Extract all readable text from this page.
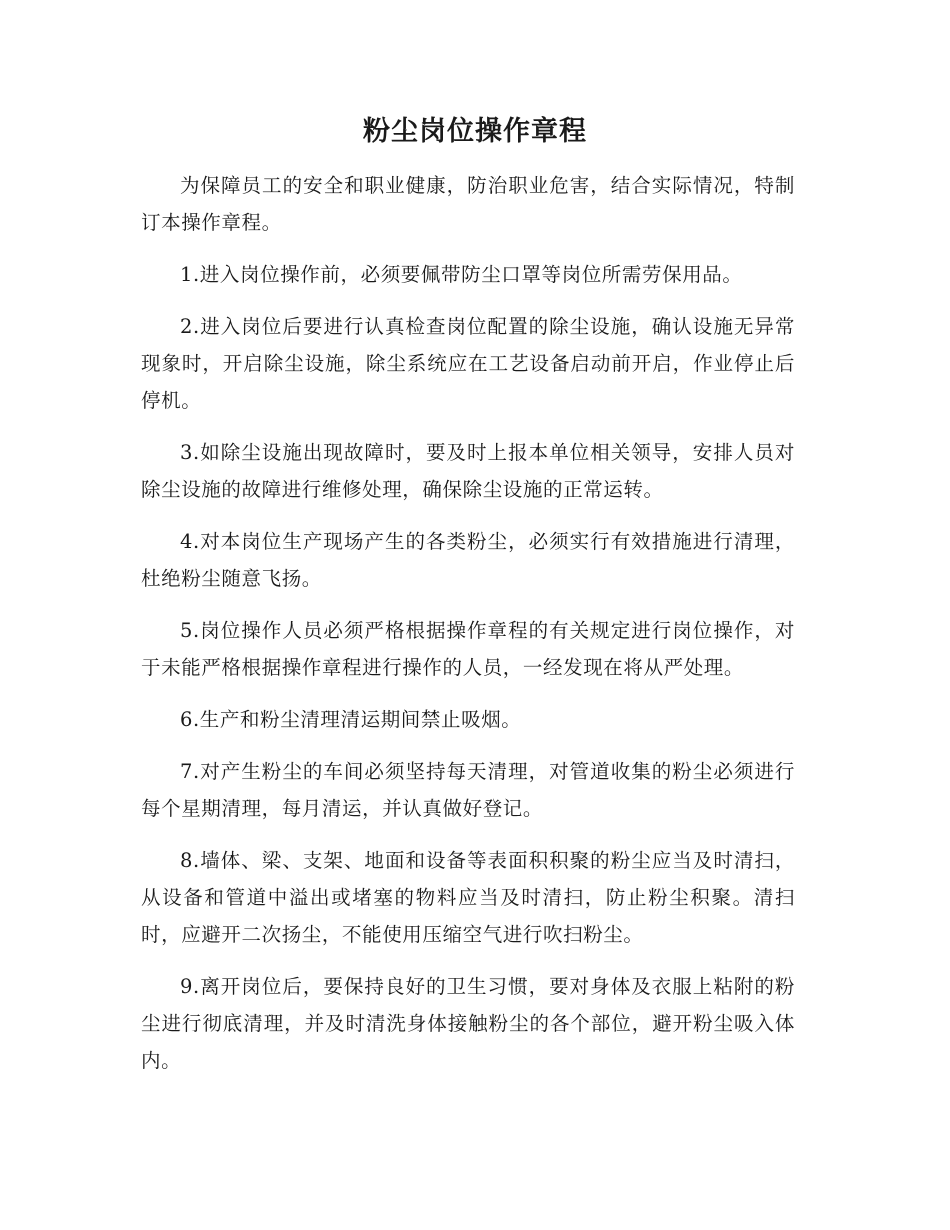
粉尘岗位操作章程

为保障员工的安全和职业健康，防治职业危害，结合实际情况，特制订本操作章程。

1.进入岗位操作前，必须要佩带防尘口罩等岗位所需劳保用品。

2.进入岗位后要进行认真检查岗位配置的除尘设施，确认设施无异常现象时，开启除尘设施，除尘系统应在工艺设备启动前开启，作业停止后停机。

3.如除尘设施出现故障时，要及时上报本单位相关领导，安排人员对除尘设施的故障进行维修处理，确保除尘设施的正常运转。

4.对本岗位生产现场产生的各类粉尘，必须实行有效措施进行清理，杜绝粉尘随意飞扬。

5.岗位操作人员必须严格根据操作章程的有关规定进行岗位操作，对于未能严格根据操作章程进行操作的人员，一经发现在将从严处理。

6.生产和粉尘清理清运期间禁止吸烟。

7.对产生粉尘的车间必须坚持每天清理，对管道收集的粉尘必须进行每个星期清理，每月清运，并认真做好登记。

8.墙体、梁、支架、地面和设备等表面积积聚的粉尘应当及时清扫，从设备和管道中溢出或堵塞的物料应当及时清扫，防止粉尘积聚。清扫时，应避开二次扬尘，不能使用压缩空气进行吹扫粉尘。

9.离开岗位后，要保持良好的卫生习惯，要对身体及衣服上粘附的粉尘进行彻底清理，并及时清洗身体接触粉尘的各个部位，避开粉尘吸入体内。
